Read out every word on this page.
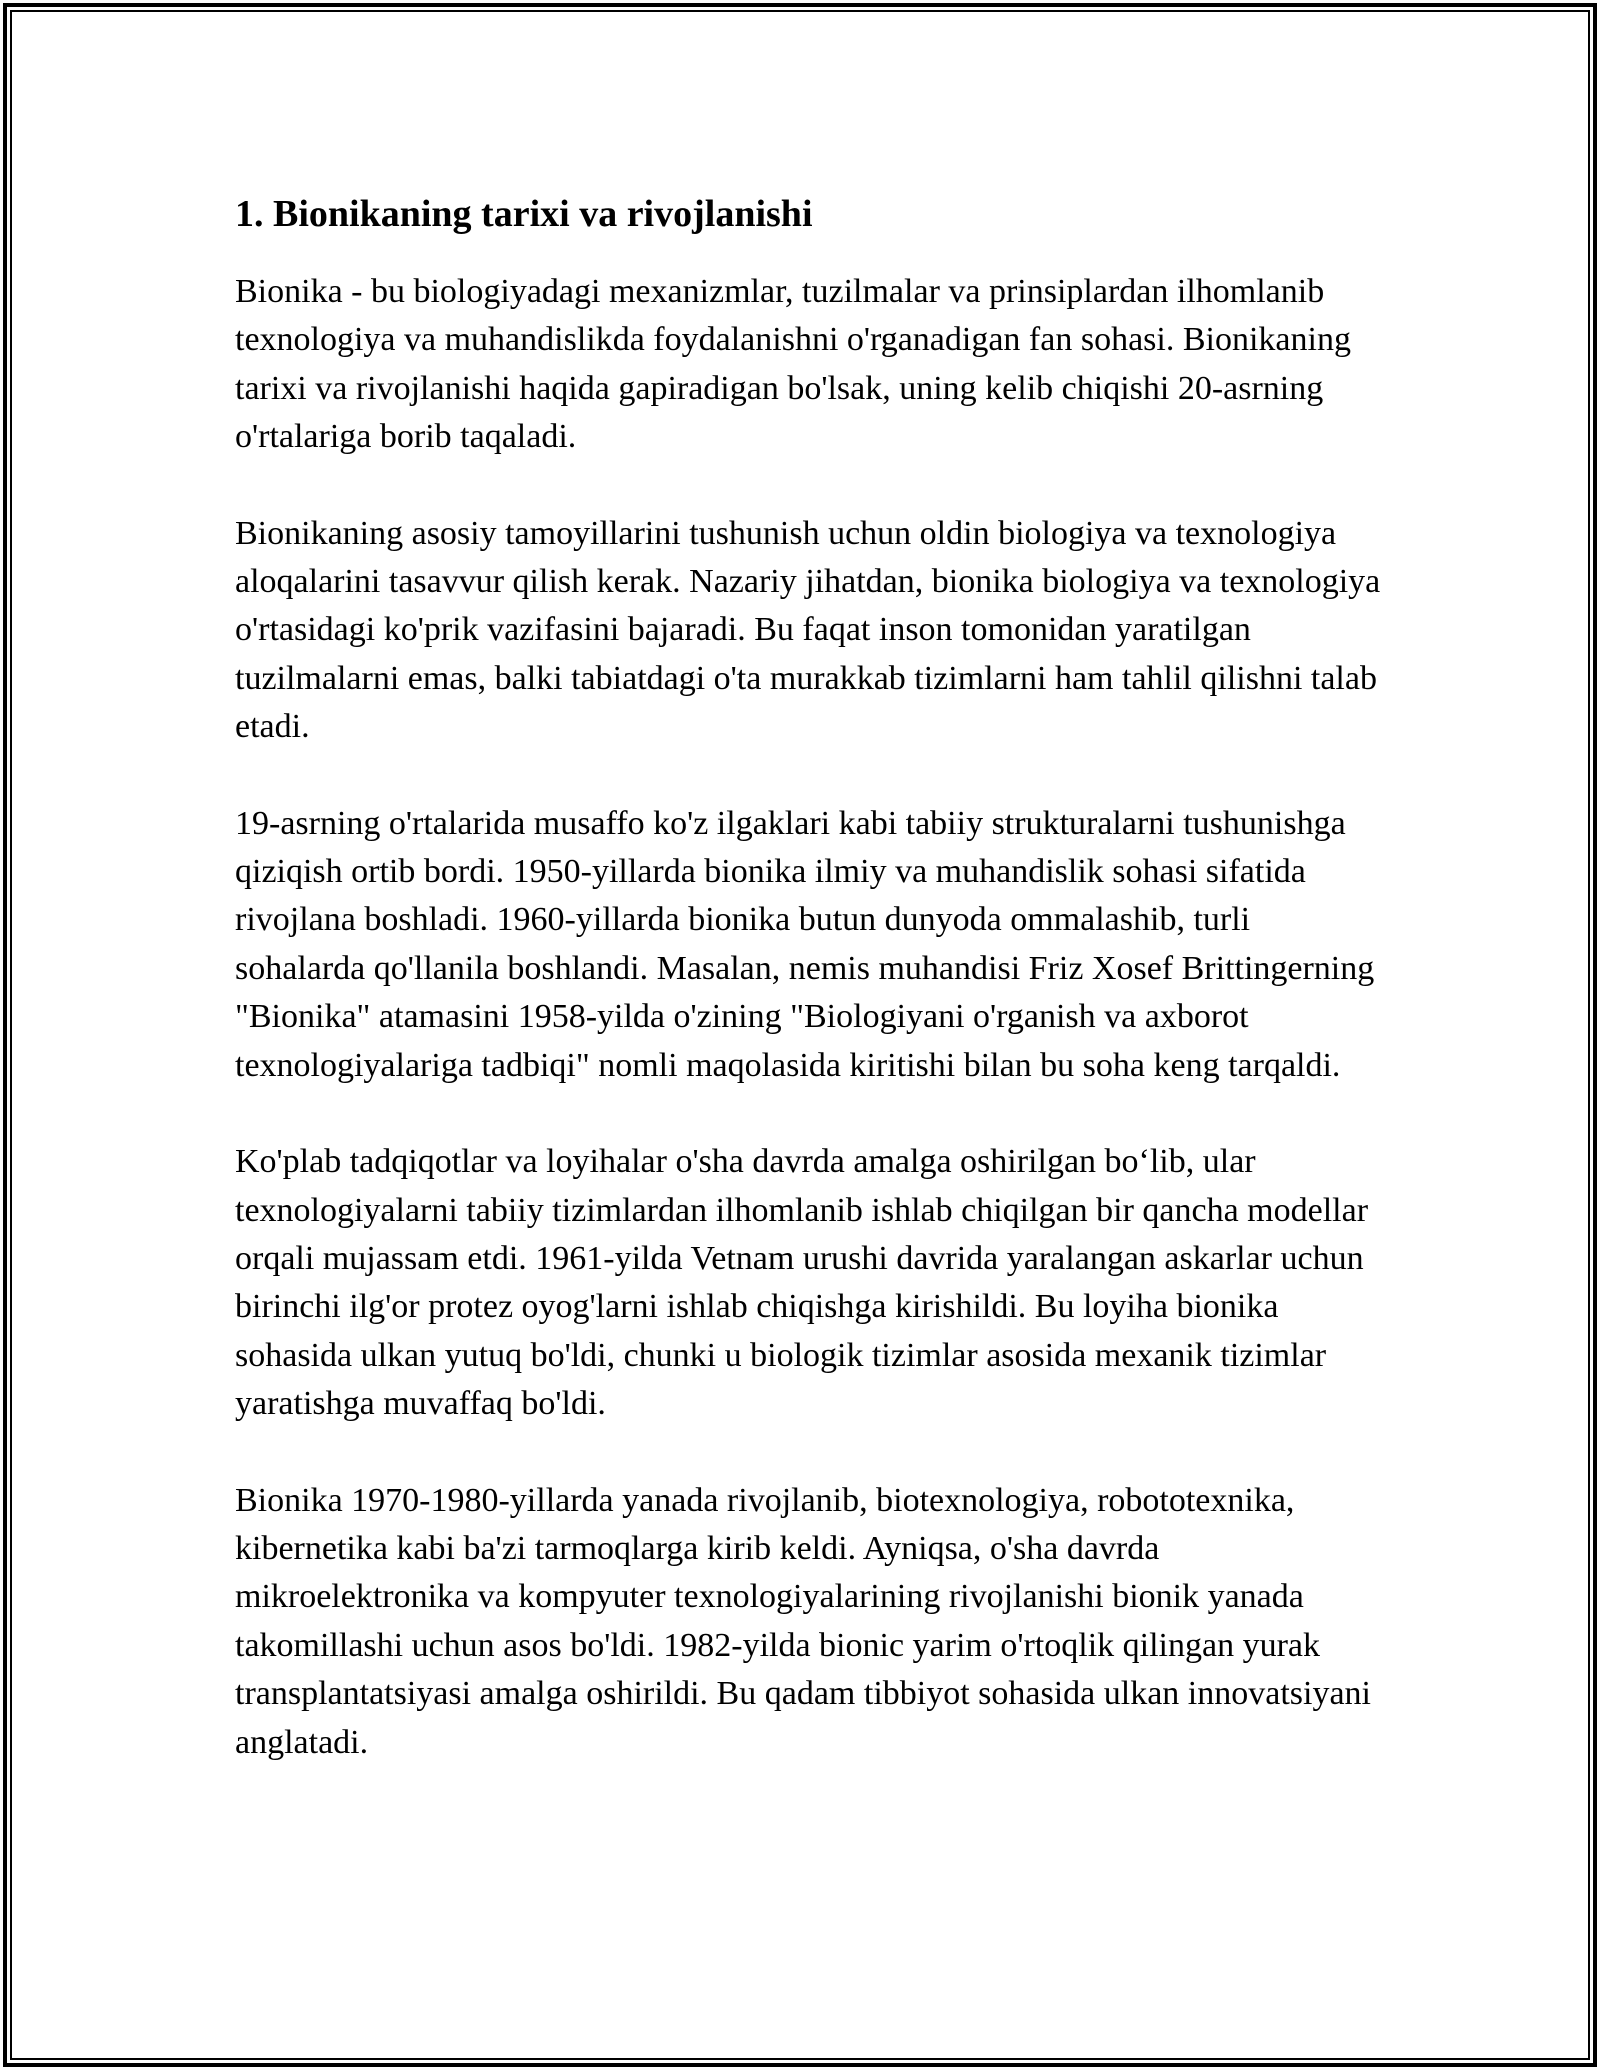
1. Bionikaning tarixi va rivojlanishi

Bionika - bu biologiyadagi mexanizmlar, tuzilmalar va prinsiplardan ilhomlanib texnologiya va muhandislikda foydalanishni o'rganadigan fan sohasi. Bionikaning tarixi va rivojlanishi haqida gapiradigan bo'lsak, uning kelib chiqishi 20-asrning o'rtalariga borib taqaladi.

Bionikaning asosiy tamoyillarini tushunish uchun oldin biologiya va texnologiya aloqalarini tasavvur qilish kerak. Nazariy jihatdan, bionika biologiya va texnologiya o'rtasidagi ko'prik vazifasini bajaradi. Bu faqat inson tomonidan yaratilgan tuzilmalarni emas, balki tabiatdagi o'ta murakkab tizimlarni ham tahlil qilishni talab etadi.

19-asrning o'rtalarida musaffo ko'z ilgaklari kabi tabiiy strukturalarni tushunishga qiziqish ortib bordi. 1950-yillarda bionika ilmiy va muhandislik sohasi sifatida rivojlana boshladi. 1960-yillarda bionika butun dunyoda ommalashib, turli sohalarda qo'llanila boshlandi. Masalan, nemis muhandisi Friz Xosef Brittingerning "Bionika" atamasini 1958-yilda o'zining "Biologiyani o'rganish va axborot texnologiyalariga tadbiqi" nomli maqolasida kiritishi bilan bu soha keng tarqaldi.

Ko'plab tadqiqotlar va loyihalar o'sha davrda amalga oshirilgan bo‘lib, ular texnologiyalarni tabiiy tizimlardan ilhomlanib ishlab chiqilgan bir qancha modellar orqali mujassam etdi. 1961-yilda Vetnam urushi davrida yaralangan askarlar uchun birinchi ilg'or protez oyog'larni ishlab chiqishga kirishildi. Bu loyiha bionika sohasida ulkan yutuq bo'ldi, chunki u biologik tizimlar asosida mexanik tizimlar yaratishga muvaffaq bo'ldi.

Bionika 1970-1980-yillarda yanada rivojlanib, biotexnologiya, robototexnika, kibernetika kabi ba'zi tarmoqlarga kirib keldi. Ayniqsa, o'sha davrda mikroelektronika va kompyuter texnologiyalarining rivojlanishi bionik yanada takomillashi uchun asos bo'ldi. 1982-yilda bionic yarim o'rtoqlik qilingan yurak transplantatsiyasi amalga oshirildi. Bu qadam tibbiyot sohasida ulkan innovatsiyani anglatadi.
